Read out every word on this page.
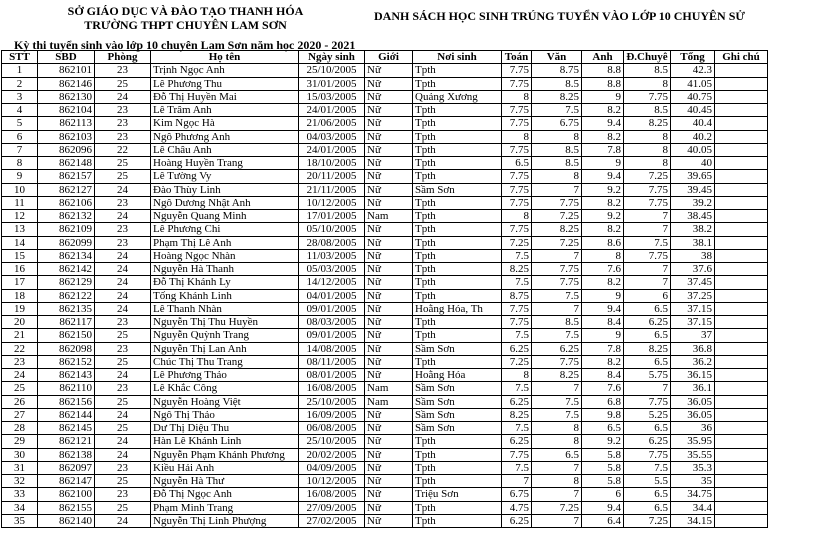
SỞ GIÁO DỤC VÀ ĐÀO TẠO THANH HÓA
TRƯỜNG THPT CHUYÊN LAM SƠN
DANH SÁCH HỌC SINH TRÚNG TUYỂN VÀO LỚP 10 CHUYÊN SỬ
Kỳ thi tuyển sinh vào lớp 10 chuyên Lam Sơn năm học 2020 - 2021
STT	SBD	Phòng	Họ tên	Ngày sinh	Giới	Nơi sinh	Toán	Văn	Anh	Đ.Chuyê	Tổng	Ghi chú
1	862101	23	Trịnh Ngọc Anh	25/10/2005	Nữ	Tpth	7.75	8.75	8.8	8.5	42.3	
2	862146	25	Lê Phương Thu	31/01/2005	Nữ	Tpth	7.75	8.5	8.8	8	41.05	
3	862130	24	Đỗ Thị Huyền Mai	15/03/2005	Nữ	Quảng Xương	8	8.25	9	7.75	40.75	
4	862104	23	Lê Trâm Anh	24/01/2005	Nữ	Tpth	7.75	7.5	8.2	8.5	40.45	
5	862113	23	Kim Ngọc Hà	21/06/2005	Nữ	Tpth	7.75	6.75	9.4	8.25	40.4	
6	862103	23	Ngô Phương Anh	04/03/2005	Nữ	Tpth	8	8	8.2	8	40.2	
7	862096	22	Lê Châu Anh	24/01/2005	Nữ	Tpth	7.75	8.5	7.8	8	40.05	
8	862148	25	Hoàng Huyền Trang	18/10/2005	Nữ	Tpth	6.5	8.5	9	8	40	
9	862157	25	Lê Tường Vy	20/11/2005	Nữ	Tpth	7.75	8	9.4	7.25	39.65	
10	862127	24	Đào Thùy Linh	21/11/2005	Nữ	Sầm Sơn	7.75	7	9.2	7.75	39.45	
11	862106	23	Ngô Dương Nhật Anh	10/12/2005	Nữ	Tpth	7.75	7.75	8.2	7.75	39.2	
12	862132	24	Nguyễn Quang Minh	17/01/2005	Nam	Tpth	8	7.25	9.2	7	38.45	
13	862109	23	Lê Phương Chi	05/10/2005	Nữ	Tpth	7.75	8.25	8.2	7	38.2	
14	862099	23	Phạm Thị Lê Anh	28/08/2005	Nữ	Tpth	7.25	7.25	8.6	7.5	38.1	
15	862134	24	Hoàng Ngọc Nhàn	11/03/2005	Nữ	Tpth	7.5	7	8	7.75	38	
16	862142	24	Nguyễn Hà Thanh	05/03/2005	Nữ	Tpth	8.25	7.75	7.6	7	37.6	
17	862129	24	Đỗ Thị Khánh Ly	14/12/2005	Nữ	Tpth	7.5	7.75	8.2	7	37.45	
18	862122	24	Tống Khánh Linh	04/01/2005	Nữ	Tpth	8.75	7.5	9	6	37.25	
19	862135	24	Lê Thanh Nhàn	09/01/2005	Nữ	Hoằng Hóa, Th	7.75	7	9.4	6.5	37.15	
20	862117	23	Nguyễn Thị Thu Huyền	08/03/2005	Nữ	Tpth	7.75	8.5	8.4	6.25	37.15	
21	862150	25	Nguyễn Quỳnh Trang	09/01/2005	Nữ	Tpth	7.5	7.5	9	6.5	37	
22	862098	23	Nguyễn Thị Lan Anh	14/08/2005	Nữ	Sầm Sơn	6.25	6.25	7.8	8.25	36.8	
23	862152	25	Chúc Thị Thu Trang	08/11/2005	Nữ	Tpth	7.25	7.75	8.2	6.5	36.2	
24	862143	24	Lê Phương Thảo	08/01/2005	Nữ	Hoằng Hóa	8	8.25	8.4	5.75	36.15	
25	862110	23	Lê Khắc Công	16/08/2005	Nam	Sầm Sơn	7.5	7	7.6	7	36.1	
26	862156	25	Nguyễn Hoàng Việt	25/10/2005	Nam	Sầm Sơn	6.25	7.5	6.8	7.75	36.05	
27	862144	24	Ngô Thị Thảo	16/09/2005	Nữ	Sầm Sơn	8.25	7.5	9.8	5.25	36.05	
28	862145	25	Dư Thị Diệu Thu	06/08/2005	Nữ	Sầm Sơn	7.5	8	6.5	6.5	36	
29	862121	24	Hàn Lê Khánh Linh	25/10/2005	Nữ	Tpth	6.25	8	9.2	6.25	35.95	
30	862138	24	Nguyễn Phạm Khánh Phương	20/02/2005	Nữ	Tpth	7.75	6.5	5.8	7.75	35.55	
31	862097	23	Kiều Hải Anh	04/09/2005	Nữ	Tpth	7.5	7	5.8	7.5	35.3	
32	862147	25	Nguyễn Hà Thư	10/12/2005	Nữ	Tpth	7	8	5.8	5.5	35	
33	862100	23	Đỗ Thị Ngọc Anh	16/08/2005	Nữ	Triệu Sơn	6.75	7	6	6.5	34.75	
34	862155	25	Phạm Minh Trang	27/09/2005	Nữ	Tpth	4.75	7.25	9.4	6.5	34.4	
35	862140	24	Nguyễn Thị Linh Phượng	27/02/2005	Nữ	Tpth	6.25	7	6.4	7.25	34.15	
